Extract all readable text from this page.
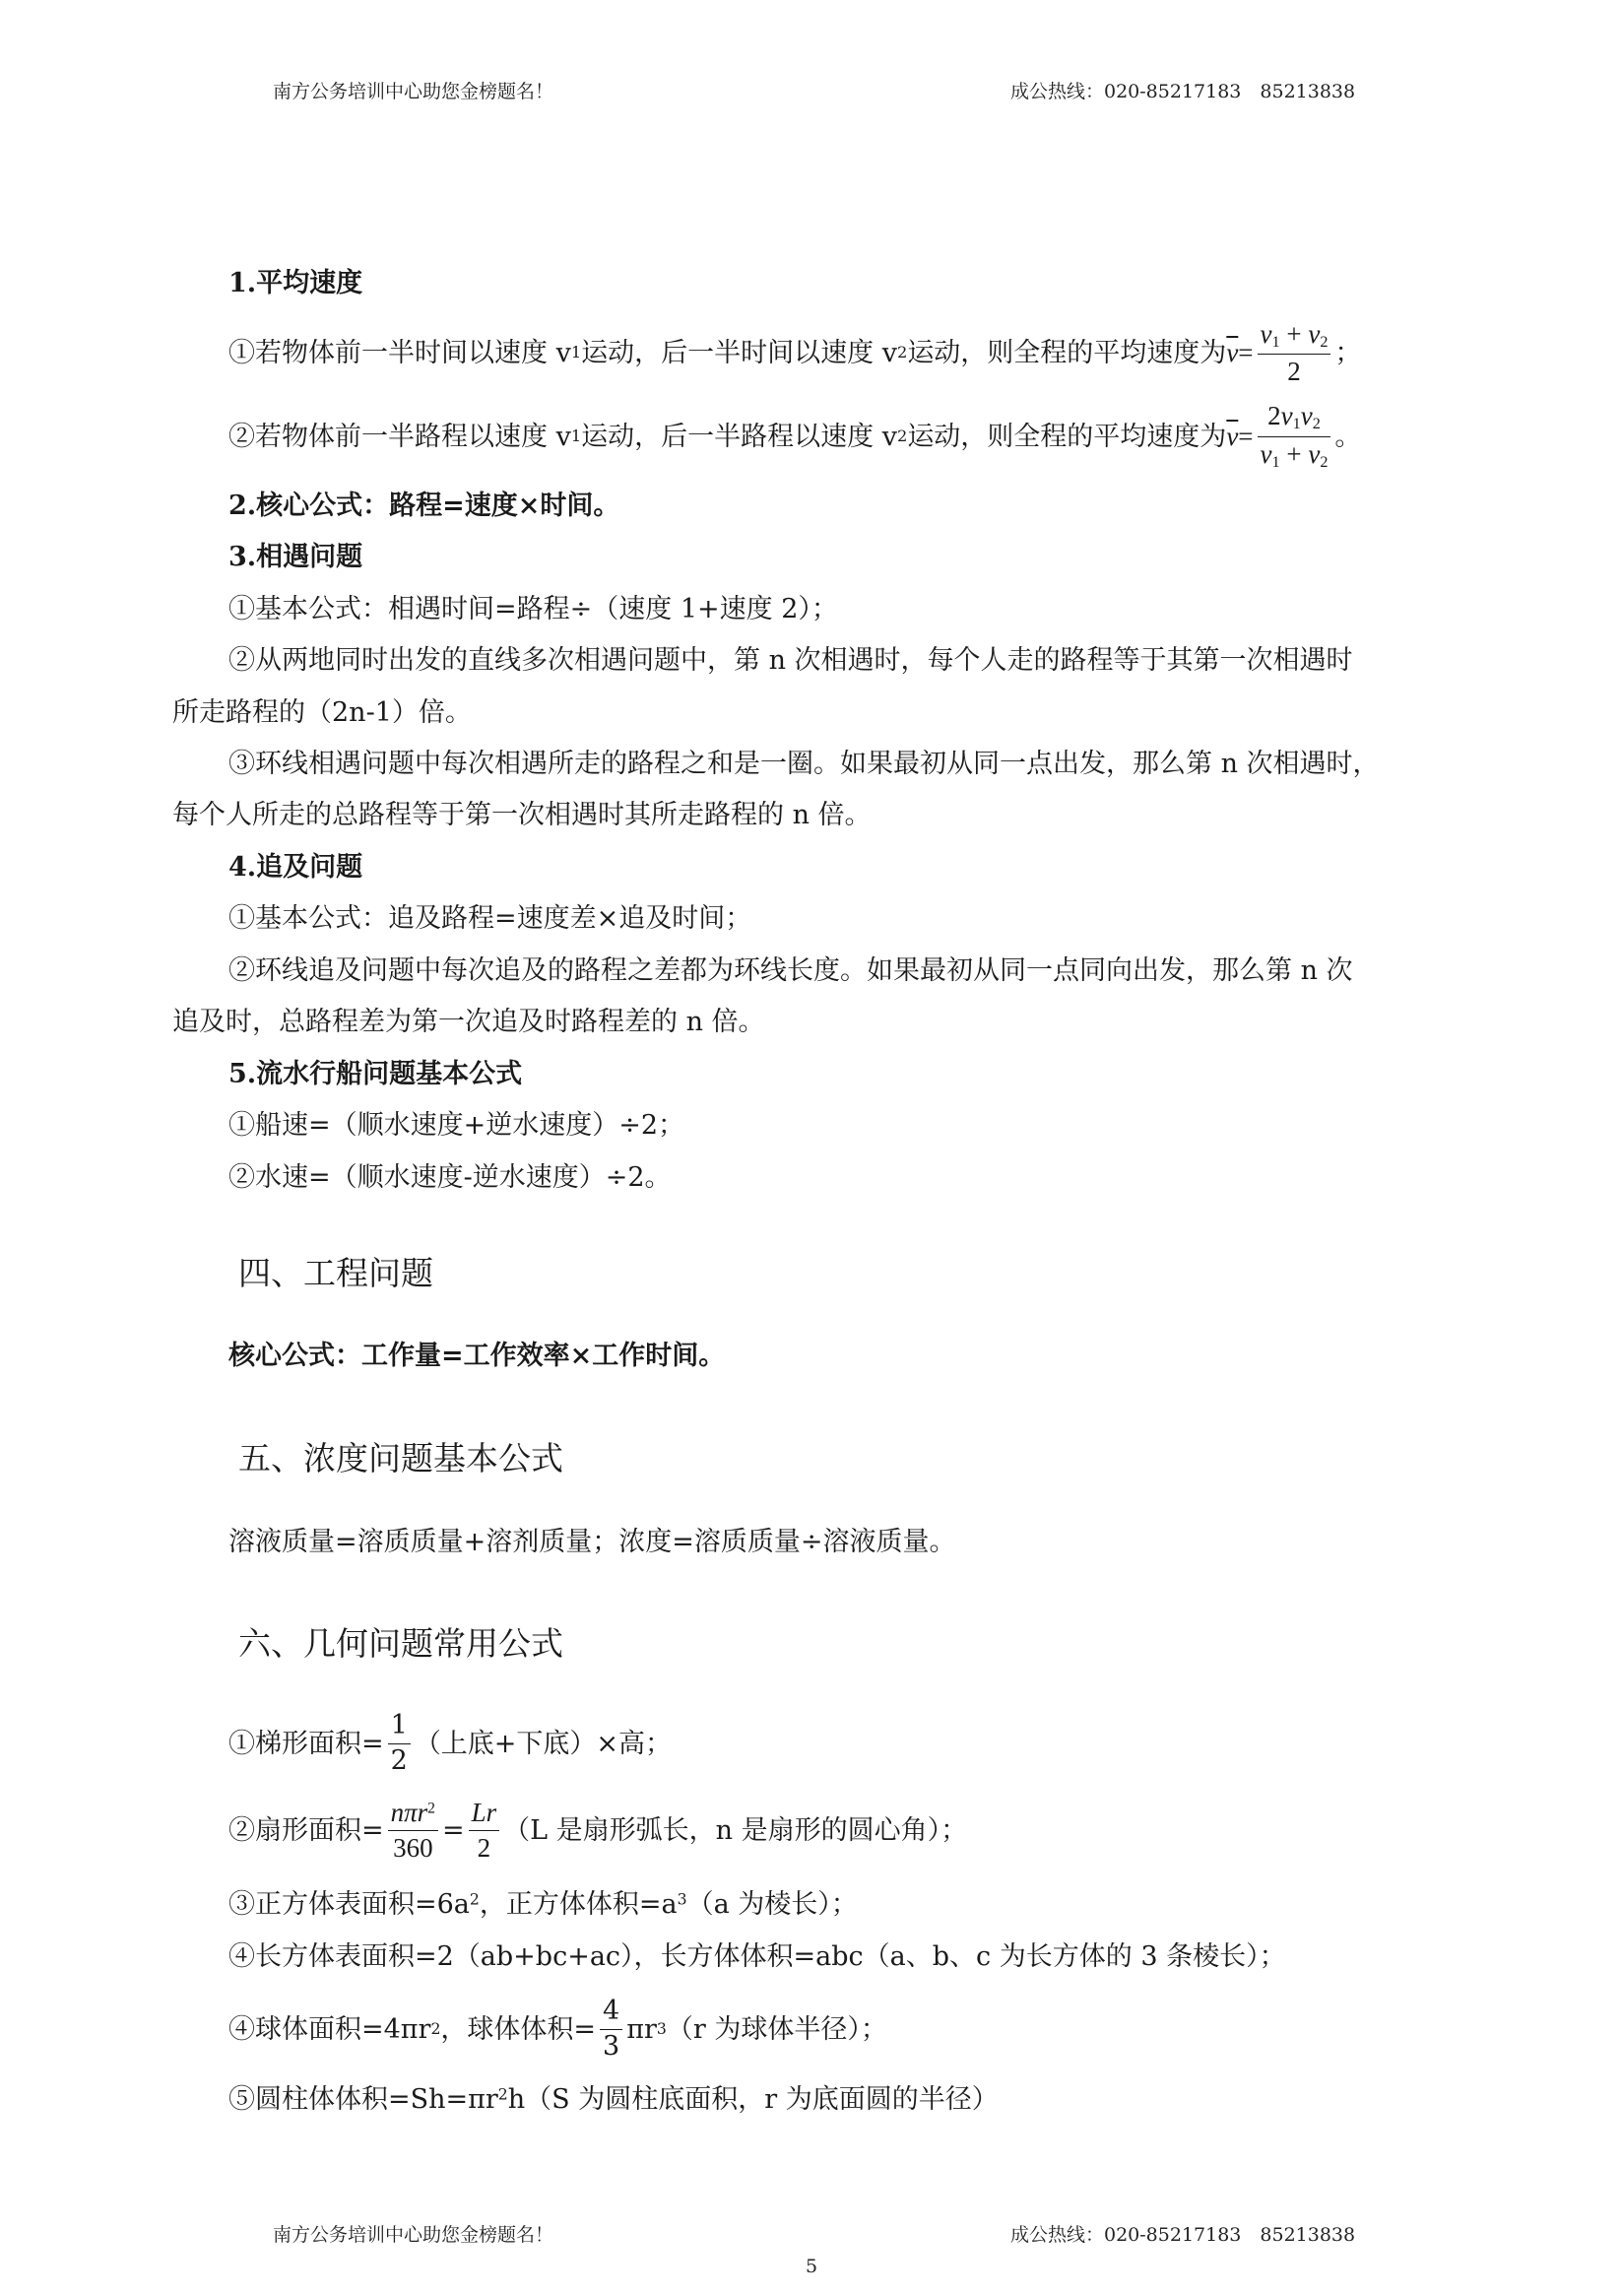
南方公务培训中心助您金榜题名！	成公热线：020-85217183　85213838
1.平均速度
①若物体前一半时间以速度 v 1 运动，后一半时间以速度 v 2 运动，则全程的平均速度为 $\overline{v} = \frac{v_1 + v_2}{2}$ ；
②若物体前一半路程以速度 v 1 运动，后一半路程以速度 v 2 运动，则全程的平均速度为 $\overline{v} = \frac{2v_1v_2}{v_1 + v_2}$ 。
2.核心公式：路程=速度×时间。
3.相遇问题
①基本公式：相遇时间=路程÷（速度 1+速度 2）；
②从两地同时出发的直线多次相遇问题中，第 n 次相遇时，每个人走的路程等于其第一次相遇时
所走路程的（2n-1）倍。
③环线相遇问题中每次相遇所走的路程之和是一圈。如果最初从同一点出发，那么第 n 次相遇时，
每个人所走的总路程等于第一次相遇时其所走路程的 n 倍。
4.追及问题
①基本公式：追及路程=速度差×追及时间；
②环线追及问题中每次追及的路程之差都为环线长度。如果最初从同一点同向出发，那么第 n 次
追及时，总路程差为第一次追及时路程差的 n 倍。
5.流水行船问题基本公式
①船速=（顺水速度+逆水速度）÷2；
②水速=（顺水速度-逆水速度）÷2。
四、工程问题
核心公式：工作量=工作效率×工作时间。
五、浓度问题基本公式
溶液质量=溶质质量+溶剂质量；浓度=溶质质量÷溶液质量。
六、几何问题常用公式
①梯形面积= $\frac{1}{2}$ （上底+下底）×高；
②扇形面积= $\frac{n\pi r^2}{360} = \frac{Lr}{2} (L$ 是扇形弧长，n 是扇形的圆心角）；
③正方体表面积$=6a^2$，正方体体积$=a^3(a$ 为棱长）；
④长方体表面积=2（ab+bc+ac），长方体体积=abc（a、b、c 为长方体的 3 条棱长）；
④球体面积=4πr 2 ，球体体积= $\frac{4}{3}$ πr 3 （r 为球体半径）；
⑤圆柱体体积$=Sh=\pi r^2h(S$ 为圆柱底面积，r 为底面圆的半径）
南方公务培训中心助您金榜题名！	成公热线：020-85217183　85213838
5
